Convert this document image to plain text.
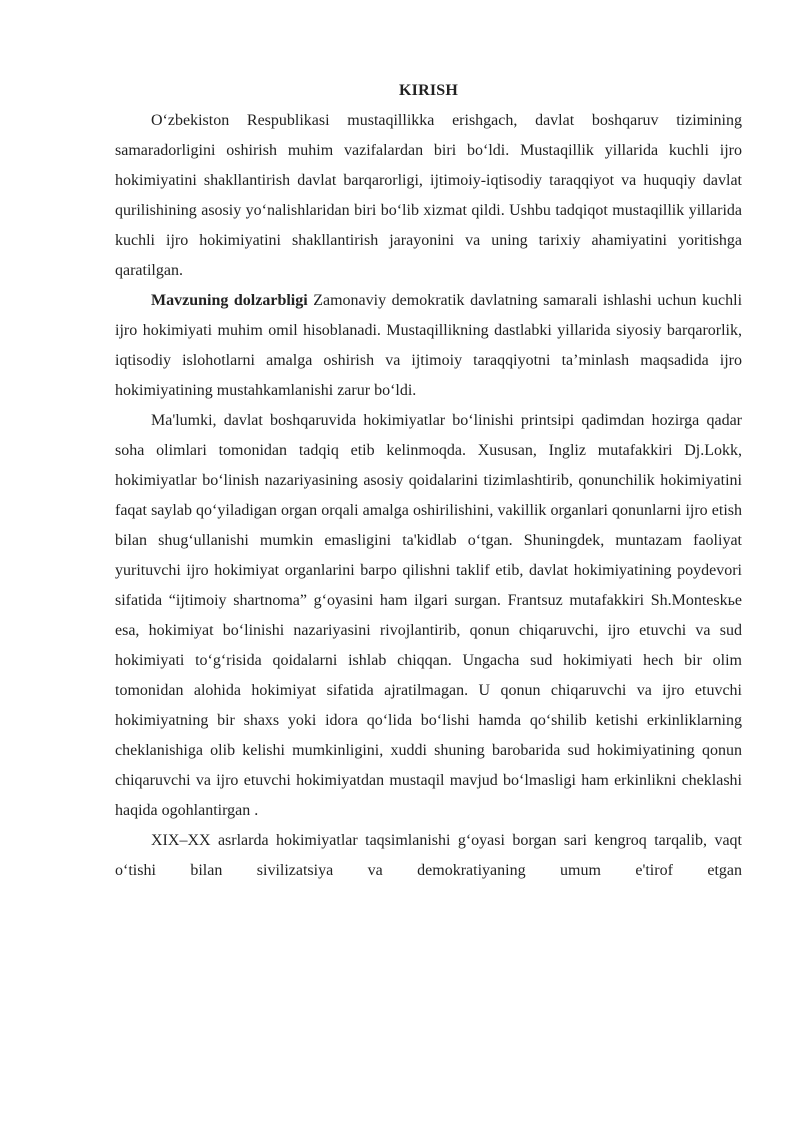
KIRISH

O‘zbekiston Respublikasi mustaqillikka erishgach, davlat boshqaruv tizimining samaradorligini oshirish muhim vazifalardan biri bo‘ldi. Mustaqillik yillarida kuchli ijro hokimiyatini shakllantirish davlat barqarorligi, ijtimoiy-iqtisodiy taraqqiyot va huquqiy davlat qurilishining asosiy yo‘nalishlaridan biri bo‘lib xizmat qildi. Ushbu tadqiqot mustaqillik yillarida kuchli ijro hokimiyatini shakllantirish jarayonini va uning tarixiy ahamiyatini yoritishga qaratilgan.

Mavzuning dolzarbligi Zamonaviy demokratik davlatning samarali ishlashi uchun kuchli ijro hokimiyati muhim omil hisoblanadi. Mustaqillikning dastlabki yillarida siyosiy barqarorlik, iqtisodiy islohotlarni amalga oshirish va ijtimoiy taraqqiyotni ta’minlash maqsadida ijro hokimiyatining mustahkamlanishi zarur bo‘ldi.

Ma'lumki, davlat boshqaruvida hokimiyatlar bo‘linishi printsipi qadimdan hozirga qadar soha olimlari tomonidan tadqiq etib kelinmoqda. Xususan, Ingliz mutafakkiri Dj.Lokk, hokimiyatlar bo‘linish nazariyasining asosiy qoidalarini tizimlashtirib, qonunchilik hokimiyatini faqat saylab qo‘yiladigan organ orqali amalga oshirilishini, vakillik organlari qonunlarni ijro etish bilan shug‘ullanishi mumkin emasligini ta'kidlab o‘tgan. Shuningdek, muntazam faoliyat yurituvchi ijro hokimiyat organlarini barpo qilishni taklif etib, davlat hokimiyatining poydevori sifatida “ijtimoiy shartnoma” g‘oyasini ham ilgari surgan. Frantsuz mutafakkiri Sh.Monteskьe esa, hokimiyat bo‘linishi nazariyasini rivojlantirib, qonun chiqaruvchi, ijro etuvchi va sud hokimiyati to‘g‘risida qoidalarni ishlab chiqqan. Ungacha sud hokimiyati hech bir olim tomonidan alohida hokimiyat sifatida ajratilmagan. U qonun chiqaruvchi va ijro etuvchi hokimiyatning bir shaxs yoki idora qo‘lida bo‘lishi hamda qo‘shilib ketishi erkinliklarning cheklanishiga olib kelishi mumkinligini, xuddi shuning barobarida sud hokimiyatining qonun chiqaruvchi va ijro etuvchi hokimiyatdan mustaqil mavjud bo‘lmasligi ham erkinlikni cheklashi haqida ogohlantirgan .

XIX–XX asrlarda hokimiyatlar taqsimlanishi g‘oyasi borgan sari kengroq tarqalib, vaqt o‘tishi bilan sivilizatsiya va demokratiyaning umum e'tirof etgan
